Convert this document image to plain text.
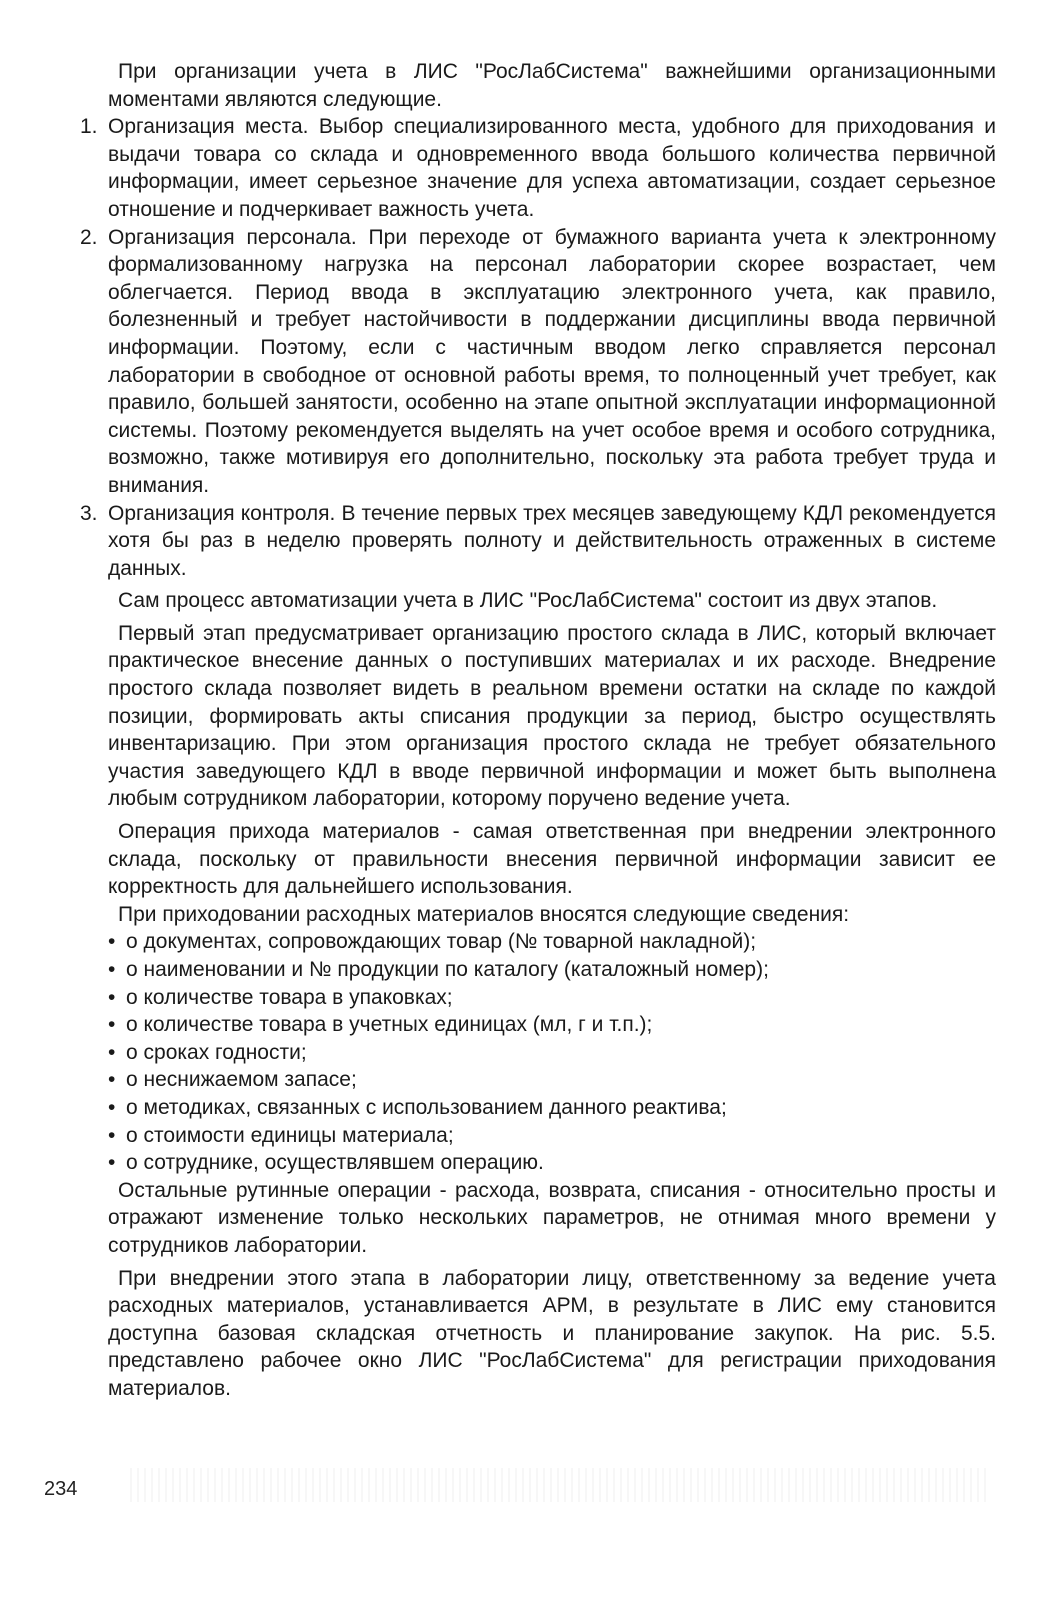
При организации учета в ЛИС "РосЛабСистема" важнейшими организационными моментами являются следующие.

1. Организация места. Выбор специализированного места, удобного для приходования и выдачи товара со склада и одновременного ввода большого количества первичной информации, имеет серьезное значение для успеха автоматизации, создает серьезное отношение и подчеркивает важность учета.
2. Организация персонала. При переходе от бумажного варианта учета к электронному формализованному нагрузка на персонал лаборатории скорее возрастает, чем облегчается. Период ввода в эксплуатацию электронного учета, как правило, болезненный и требует настойчивости в поддержании дисциплины ввода первичной информации. Поэтому, если с частичным вводом легко справляется персонал лаборатории в свободное от основной работы время, то полноценный учет требует, как правило, большей занятости, особенно на этапе опытной эксплуатации информационной системы. Поэтому рекомендуется выделять на учет особое время и особого сотрудника, возможно, также мотивируя его дополнительно, поскольку эта работа требует труда и внимания.
3. Организация контроля. В течение первых трех месяцев заведующему КДЛ рекомендуется хотя бы раз в неделю проверять полноту и действительность отраженных в системе данных.

Сам процесс автоматизации учета в ЛИС "РосЛабСистема" состоит из двух этапов.

Первый этап предусматривает организацию простого склада в ЛИС, который включает практическое внесение данных о поступивших материалах и их расходе. Внедрение простого склада позволяет видеть в реальном времени остатки на складе по каждой позиции, формировать акты списания продукции за период, быстро осуществлять инвентаризацию. При этом организация простого склада не требует обязательного участия заведующего КДЛ в вводе первичной информации и может быть выполнена любым сотрудником лаборатории, которому поручено ведение учета.

Операция прихода материалов - самая ответственная при внедрении электронного склада, поскольку от правильности внесения первичной информации зависит ее корректность для дальнейшего использования.

При приходовании расходных материалов вносятся следующие сведения:

• о документах, сопровождающих товар (№ товарной накладной);
• о наименовании и № продукции по каталогу (каталожный номер);
• о количестве товара в упаковках;
• о количестве товара в учетных единицах (мл, г и т.п.);
• о сроках годности;
• о неснижаемом запасе;
• о методиках, связанных с использованием данного реактива;
• о стоимости единицы материала;
• о сотруднике, осуществлявшем операцию.

Остальные рутинные операции - расхода, возврата, списания - относительно просты и отражают изменение только нескольких параметров, не отнимая много времени у сотрудников лаборатории.

При внедрении этого этапа в лаборатории лицу, ответственному за ведение учета расходных материалов, устанавливается АРМ, в результате в ЛИС ему становится доступна базовая складская отчетность и планирование закупок. На рис. 5.5. представлено рабочее окно ЛИС "РосЛабСистема" для регистрации приходования материалов.

234
